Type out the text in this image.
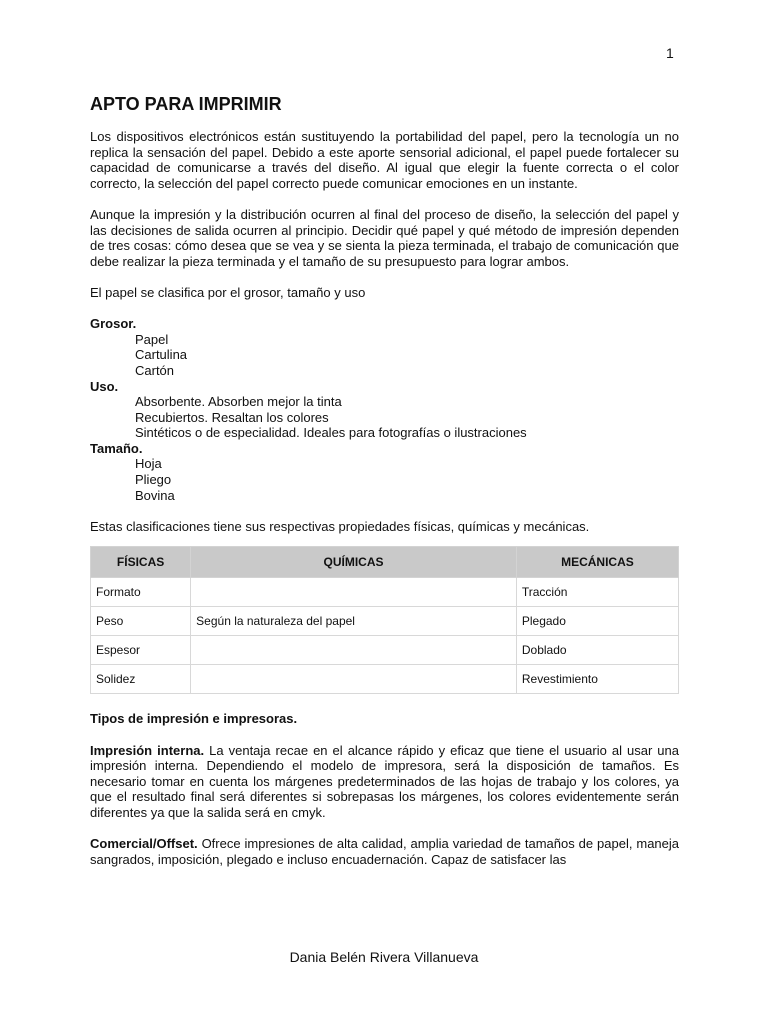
1
APTO PARA IMPRIMIR

Los dispositivos electrónicos están sustituyendo la portabilidad del papel, pero la tecnología un no replica la sensación del papel. Debido a este aporte sensorial adicional, el papel puede fortalecer su capacidad de comunicarse a través del diseño. Al igual que elegir la fuente correcta o el color correcto, la selección del papel correcto puede comunicar emociones en un instante.

Aunque la impresión y la distribución ocurren al final del proceso de diseño, la selección del papel y las decisiones de salida ocurren al principio. Decidir qué papel y qué método de impresión dependen de tres cosas: cómo desea que se vea y se sienta la pieza terminada, el trabajo de comunicación que debe realizar la pieza terminada y el tamaño de su presupuesto para lograr ambos.

El papel se clasifica por el grosor, tamaño y uso

Grosor.
Papel
Cartulina
Cartón
Uso.
Absorbente. Absorben mejor la tinta
Recubiertos. Resaltan los colores
Sintéticos o de especialidad. Ideales para fotografías o ilustraciones
Tamaño.
Hoja
Pliego
Bovina
Estas clasificaciones tiene sus respectivas propiedades físicas, químicas y mecánicas.
FÍSICAS	QUÍMICAS	MECÁNICAS
Formato		Tracción
Peso	Según la naturaleza del papel	Plegado
Espesor		Doblado
Solidez		Revestimiento
Tipos de impresión e impresoras.

Impresión interna. La ventaja recae en el alcance rápido y eficaz que tiene el usuario al usar una impresión interna. Dependiendo el modelo de impresora, será la disposición de tamaños. Es necesario tomar en cuenta los márgenes predeterminados de las hojas de trabajo y los colores, ya que el resultado final será diferentes si sobrepasas los márgenes, los colores evidentemente serán diferentes ya que la salida será en cmyk.

Comercial/Offset. Ofrece impresiones de alta calidad, amplia variedad de tamaños de papel, maneja sangrados, imposición, plegado e incluso encuadernación. Capaz de satisfacer las

Dania Belén Rivera Villanueva
